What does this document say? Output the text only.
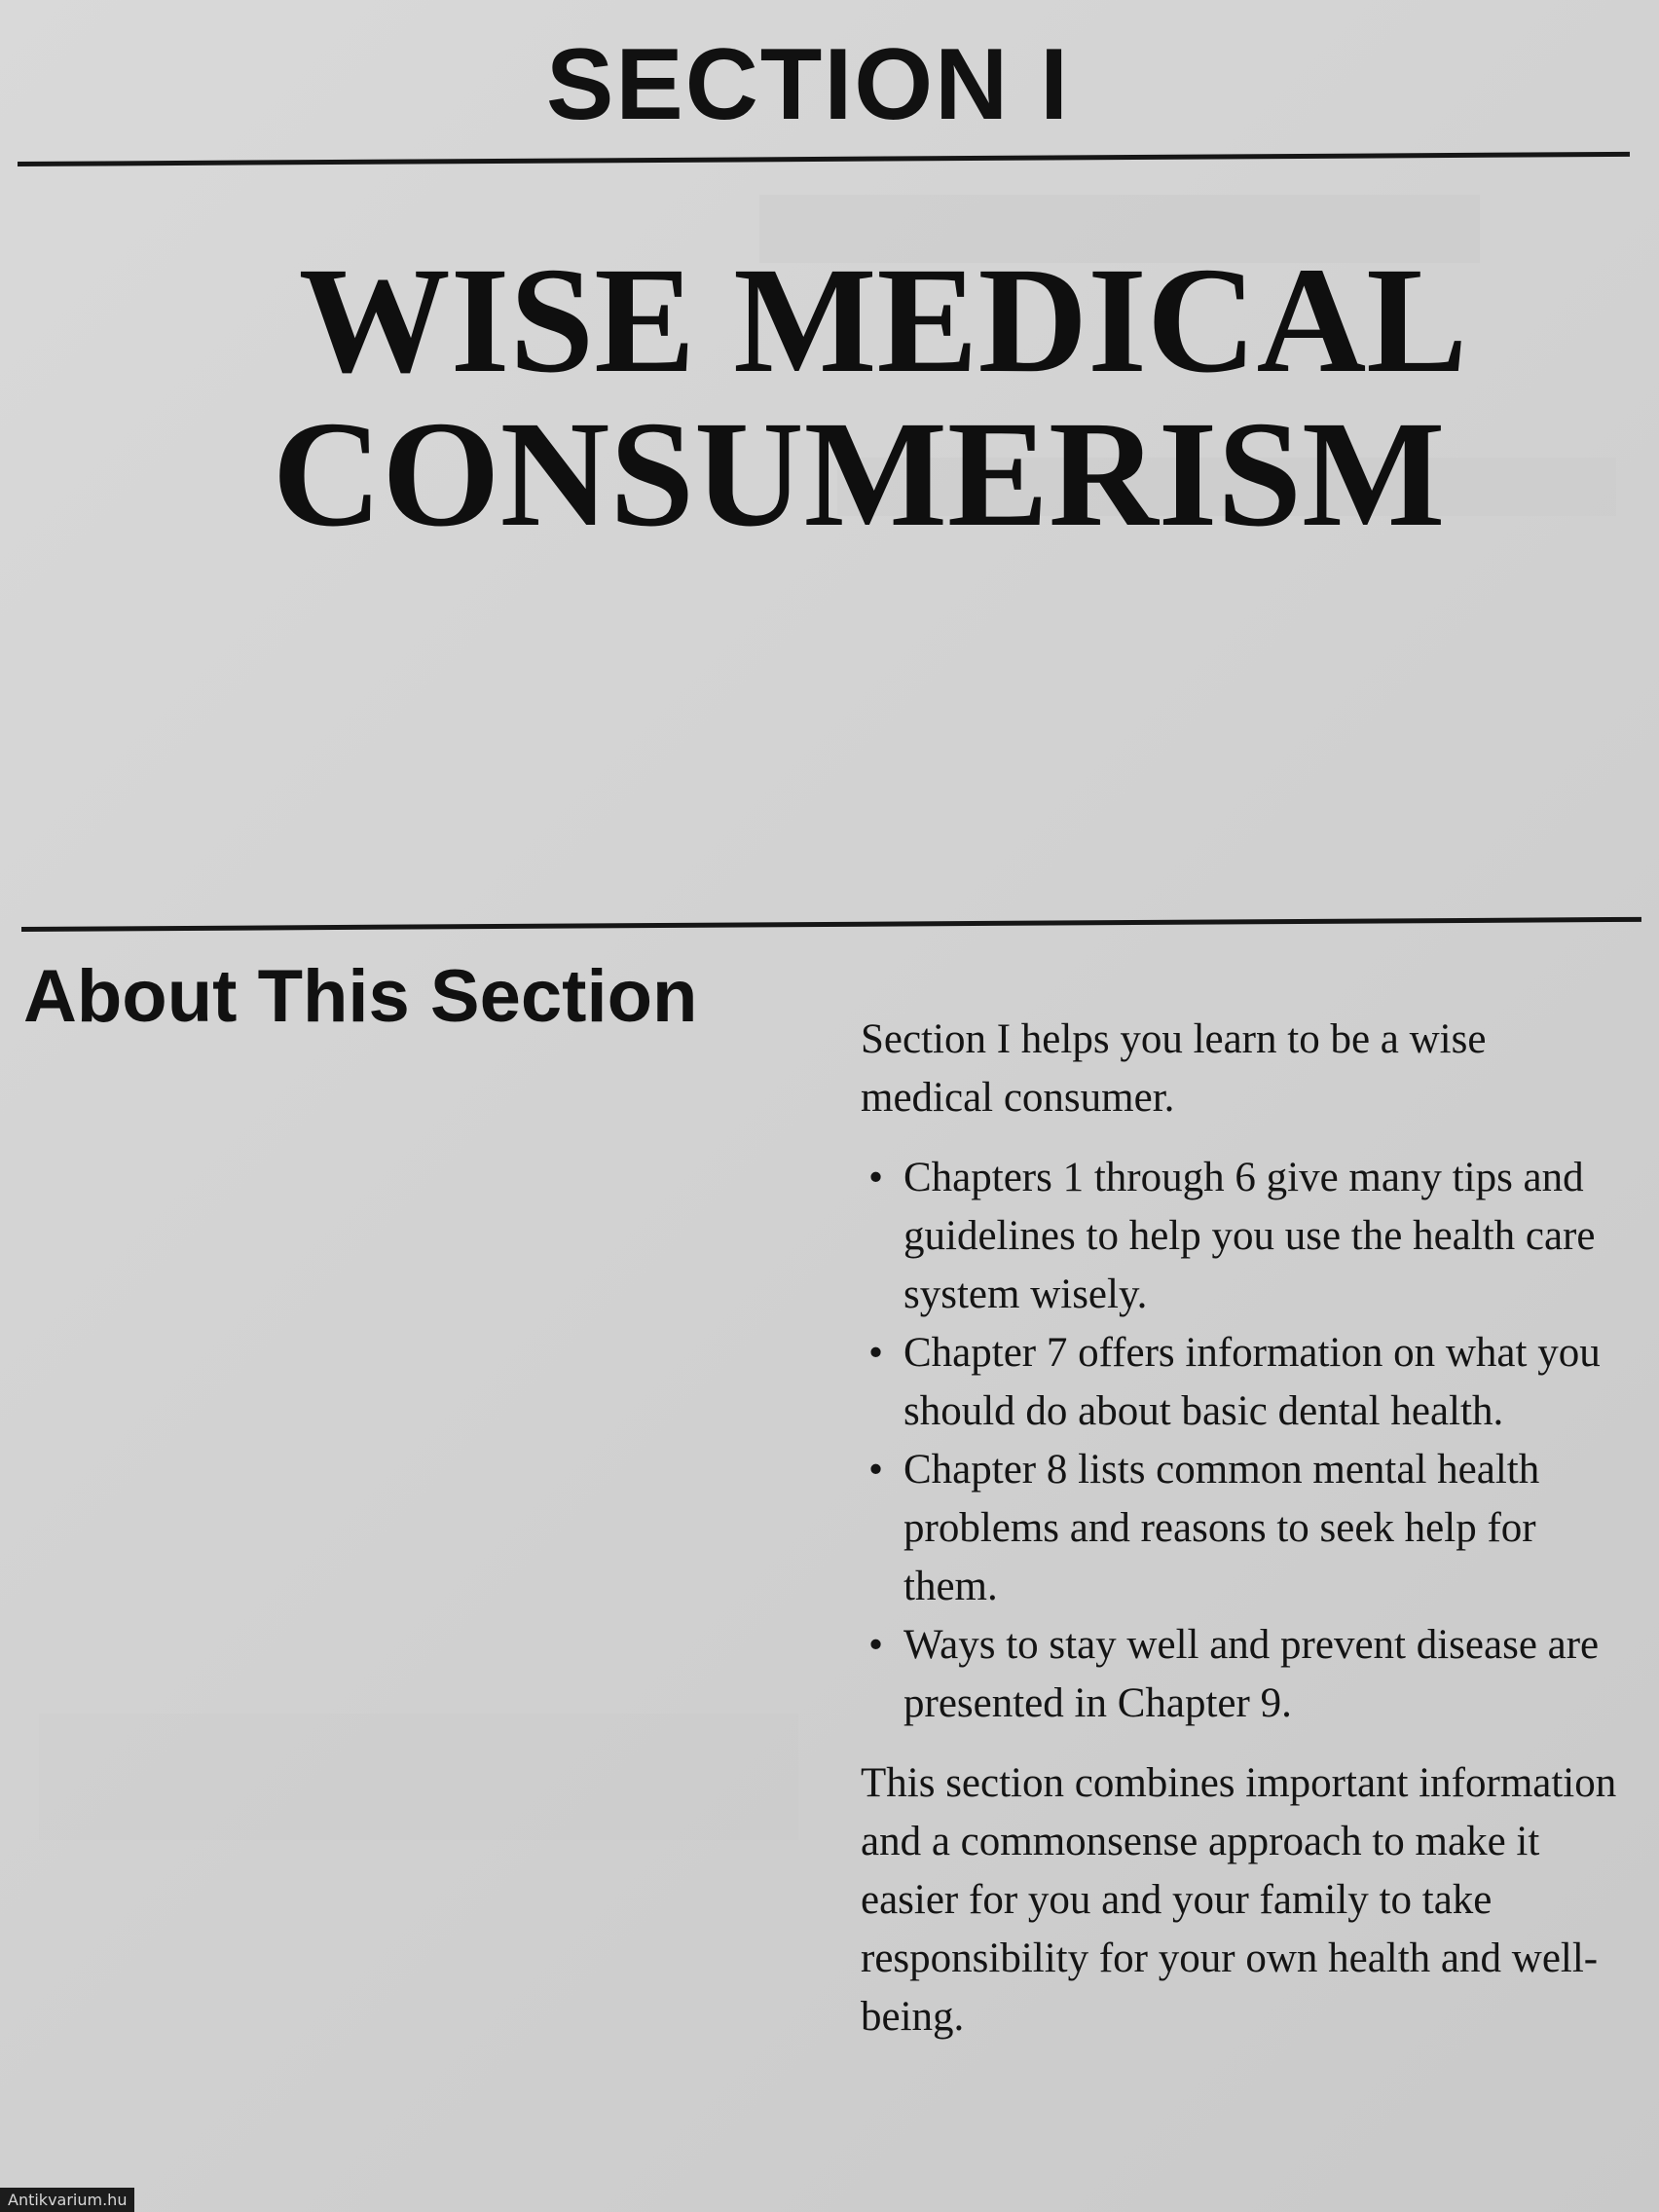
SECTION I
WISE MEDICAL
CONSUMERISM
About This Section

Section I helps you learn to be a wise medical consumer.

• Chapters 1 through 6 give many tips and guidelines to help you use the health care system wisely.
• Chapter 7 offers information on what you should do about basic dental health.
• Chapter 8 lists common mental health problems and reasons to seek help for them.
• Ways to stay well and prevent disease are presented in Chapter 9.

This section combines important information and a commonsense approach to make it easier for you and your family to take responsibility for your own health and well-being.

Antikvarium.hu
